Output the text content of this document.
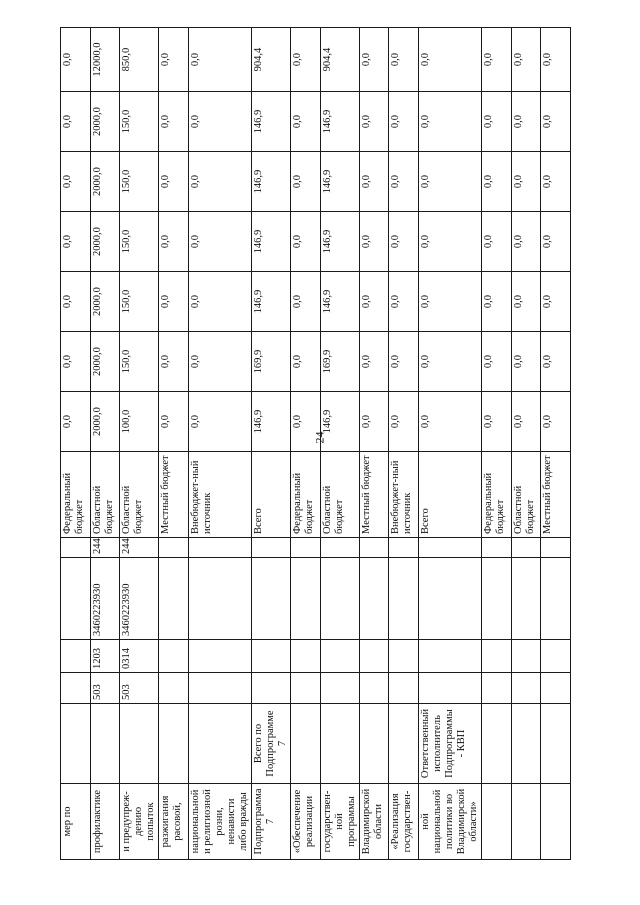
24
мер по						Федеральный бюджет	0,0	0,0	0,0	0,0	0,0	0,0	0,0
профилактике		503	1203	3460223930	244	Областной бюджет	2000,0	2000,0	2000,0	2000,0	2000,0	2000,0	12000,0
и предупреж-дению попыток		503	0314	3460223930	244	Областной бюджет	100,0	150,0	150,0	150,0	150,0	150,0	850,0
разжигания расовой,						Местный бюджет	0,0	0,0	0,0	0,0	0,0	0,0	0,0
национальной и религиозной розни, ненависти либо вражды						Внебюджет-ный источник	0,0	0,0	0,0	0,0	0,0	0,0	0,0
Подпрограмма 7	Всего по Подпрограмме 7					Всего	146,9	169,9	146,9	146,9	146,9	146,9	904,4
«Обеспечение реализации						Федеральный бюджет	0,0	0,0	0,0	0,0	0,0	0,0	0,0
государствен-ной программы						Областной бюджет	146,9	169,9	146,9	146,9	146,9	146,9	904,4
Владимирской области						Местный бюджет	0,0	0,0	0,0	0,0	0,0	0,0	0,0
«Реализация государствен-						Внебюджет-ный источник	0,0	0,0	0,0	0,0	0,0	0,0	0,0
ной национальной политики во Владимирской области»	Ответственный исполнитель Подпрограммы - КВП					Всего	0,0	0,0	0,0	0,0	0,0	0,0	0,0
						Федеральный бюджет	0,0	0,0	0,0	0,0	0,0	0,0	0,0
						Областной бюджет	0,0	0,0	0,0	0,0	0,0	0,0	0,0
						Местный бюджет	0,0	0,0	0,0	0,0	0,0	0,0	0,0
